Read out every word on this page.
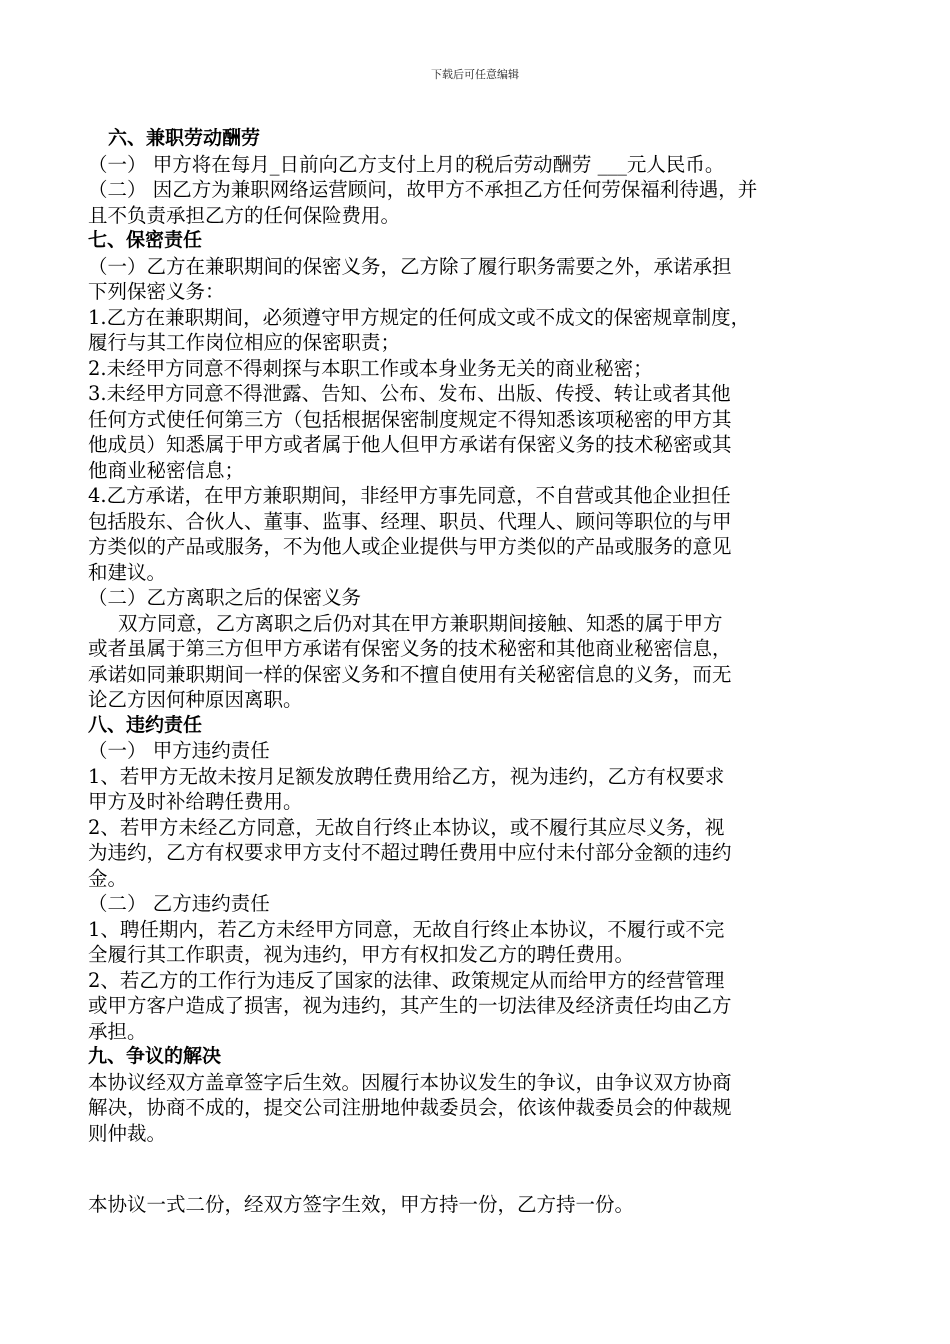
下载后可任意编辑
六、兼职劳动酬劳
（一） 甲方将在每月_日前向乙方支付上月的税后劳动酬劳 ___元人民币。
（二） 因乙方为兼职网络运营顾问，故甲方不承担乙方任何劳保福利待遇，并
且不负责承担乙方的任何保险费用。
七、保密责任
（一）乙方在兼职期间的保密义务，乙方除了履行职务需要之外，承诺承担
下列保密义务：
1.乙方在兼职期间，必须遵守甲方规定的任何成文或不成文的保密规章制度，
履行与其工作岗位相应的保密职责；
2.未经甲方同意不得刺探与本职工作或本身业务无关的商业秘密；
3.未经甲方同意不得泄露、告知、公布、发布、出版、传授、转让或者其他
任何方式使任何第三方（包括根据保密制度规定不得知悉该项秘密的甲方其
他成员）知悉属于甲方或者属于他人但甲方承诺有保密义务的技术秘密或其
他商业秘密信息；
4.乙方承诺，在甲方兼职期间，非经甲方事先同意，不自营或其他企业担任
包括股东、合伙人、董事、监事、经理、职员、代理人、顾问等职位的与甲
方类似的产品或服务，不为他人或企业提供与甲方类似的产品或服务的意见
和建议。
（二）乙方离职之后的保密义务
双方同意，乙方离职之后仍对其在甲方兼职期间接触、知悉的属于甲方
或者虽属于第三方但甲方承诺有保密义务的技术秘密和其他商业秘密信息，
承诺如同兼职期间一样的保密义务和不擅自使用有关秘密信息的义务，而无
论乙方因何种原因离职。
八、违约责任
（一） 甲方违约责任
1、若甲方无故未按月足额发放聘任费用给乙方，视为违约，乙方有权要求
甲方及时补给聘任费用。
2、若甲方未经乙方同意，无故自行终止本协议，或不履行其应尽义务，视
为违约，乙方有权要求甲方支付不超过聘任费用中应付未付部分金额的违约
金。
（二） 乙方违约责任
1、聘任期内，若乙方未经甲方同意，无故自行终止本协议，不履行或不完
全履行其工作职责，视为违约，甲方有权扣发乙方的聘任费用。
2、若乙方的工作行为违反了国家的法律、政策规定从而给甲方的经营管理
或甲方客户造成了损害，视为违约，其产生的一切法律及经济责任均由乙方
承担。
九、争议的解决
本协议经双方盖章签字后生效。因履行本协议发生的争议，由争议双方协商
解决，协商不成的，提交公司注册地仲裁委员会，依该仲裁委员会的仲裁规
则仲裁。
本协议一式二份，经双方签字生效，甲方持一份，乙方持一份。
